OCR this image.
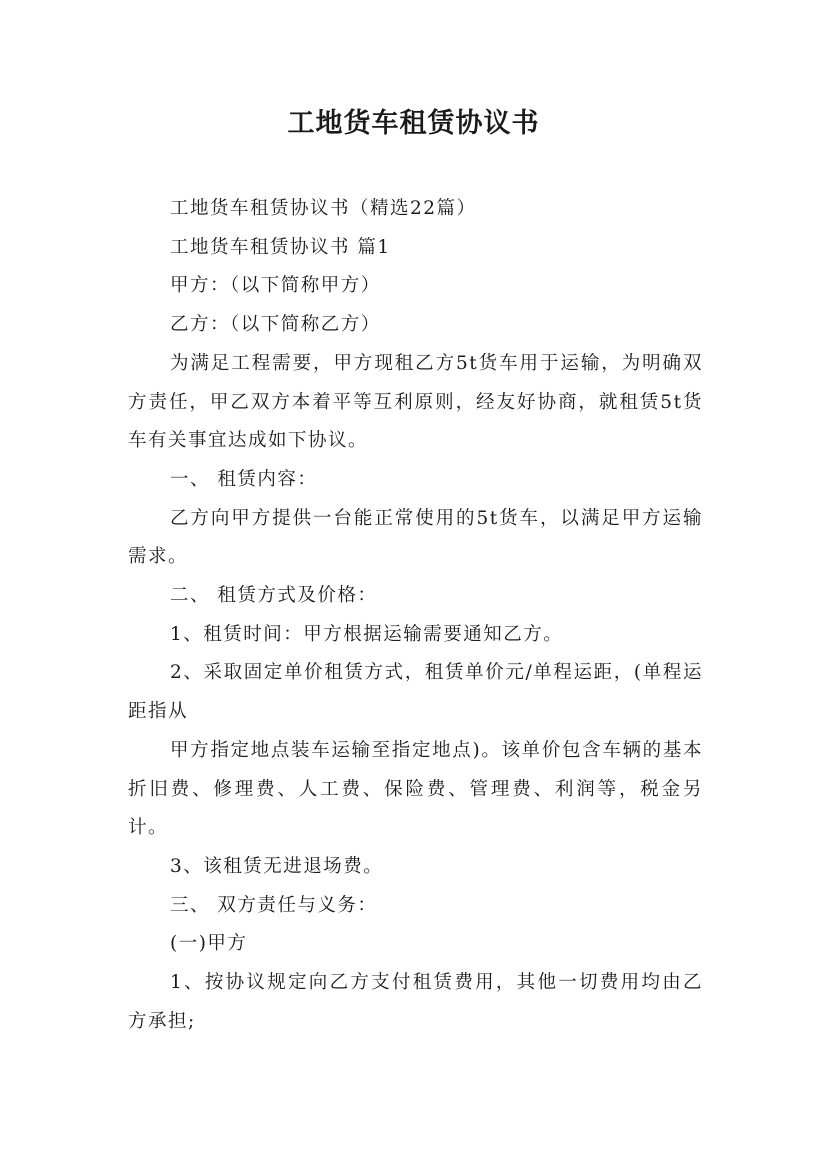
工地货车租赁协议书

工地货车租赁协议书（精选22篇）

工地货车租赁协议书 篇1

甲方：（以下简称甲方）

乙方：（以下简称乙方）

为满足工程需要，甲方现租乙方5t货车用于运输，为明确双方责任，甲乙双方本着平等互利原则，经友好协商，就租赁5t货车有关事宜达成如下协议。

一、 租赁内容：

乙方向甲方提供一台能正常使用的5t货车，以满足甲方运输需求。

二、 租赁方式及价格：

1、租赁时间：甲方根据运输需要通知乙方。

2、采取固定单价租赁方式，租赁单价元/单程运距，(单程运距指从

甲方指定地点装车运输至指定地点)。该单价包含车辆的基本折旧费、修理费、人工费、保险费、管理费、利润等，税金另计。

3、该租赁无进退场费。

三、 双方责任与义务：

(一)甲方

1、按协议规定向乙方支付租赁费用，其他一切费用均由乙方承担;
